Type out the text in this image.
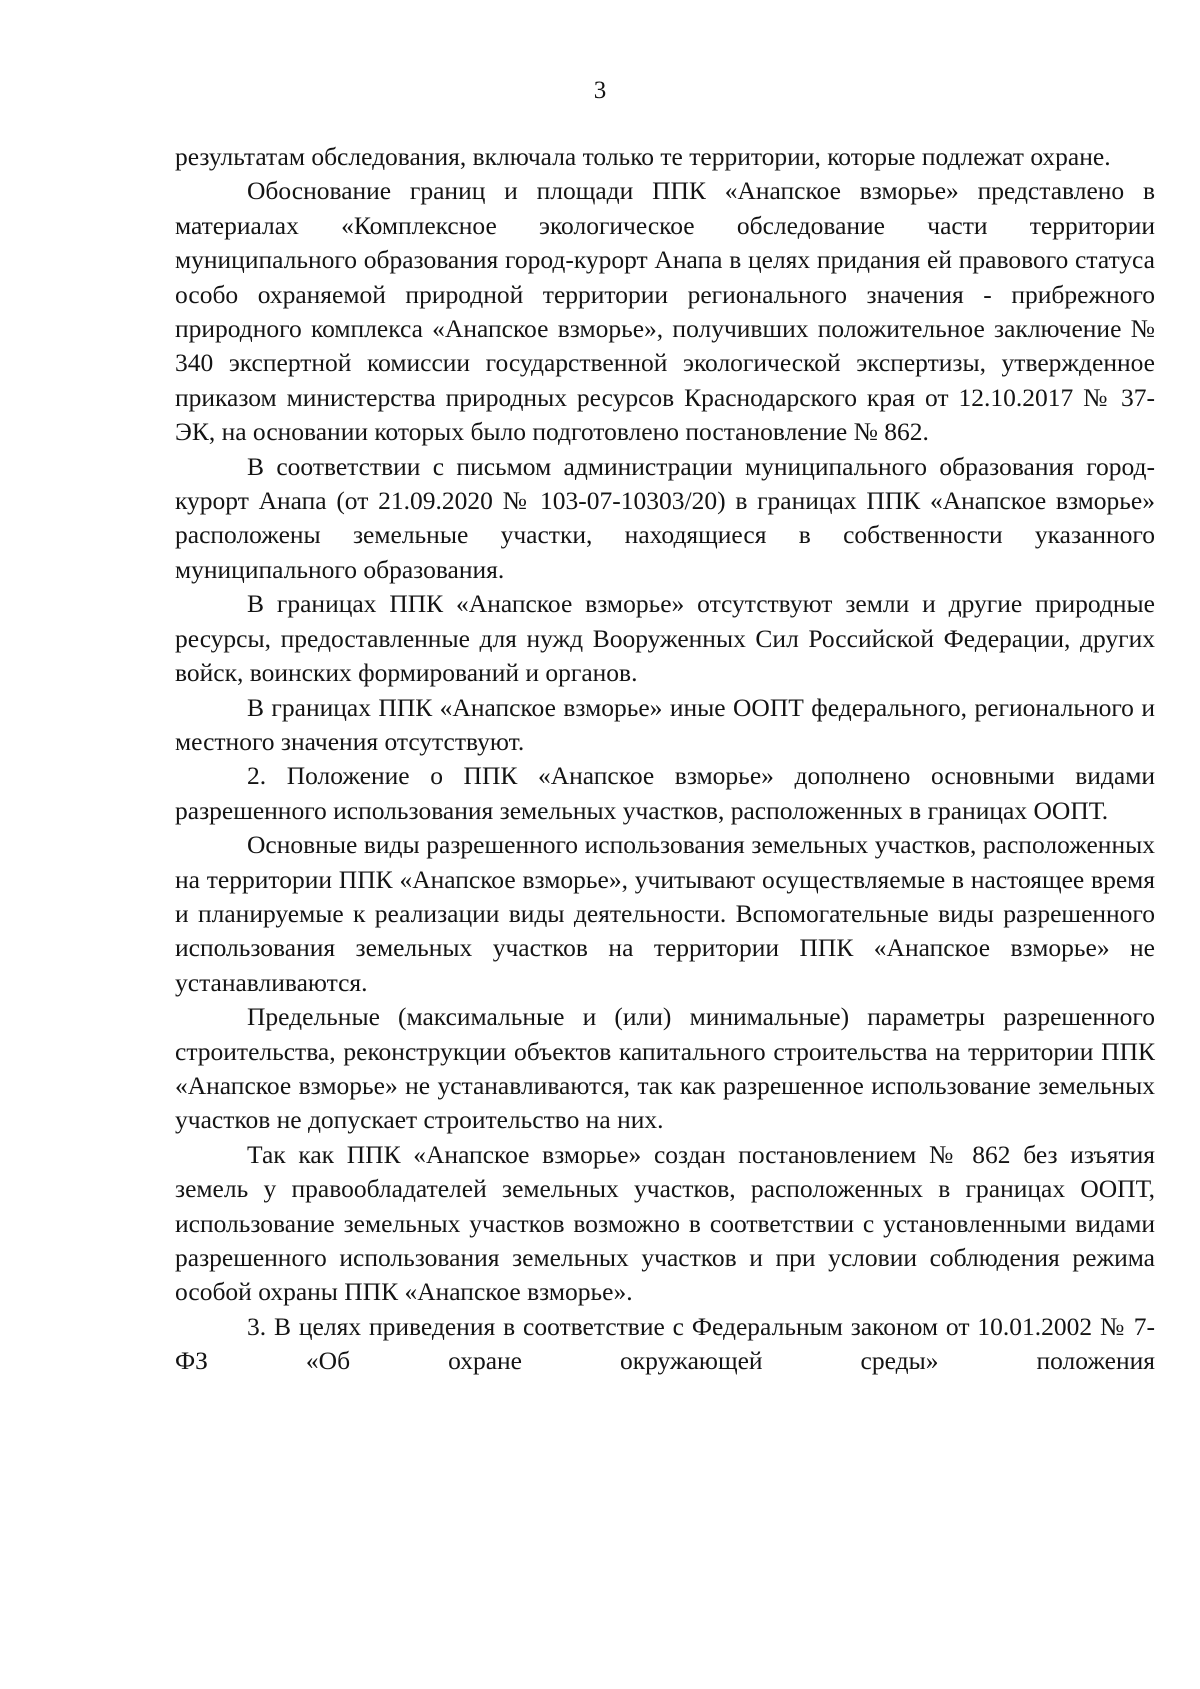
3

результатам обследования, включала только те территории, которые подлежат охране.

Обоснование границ и площади ППК «Анапское взморье» представлено в материалах «Комплексное экологическое обследование части территории муниципального образования город-курорт Анапа в целях придания ей правового статуса особо охраняемой природной территории регионального значения - прибрежного природного комплекса «Анапское взморье», получивших положительное заключение № 340 экспертной комиссии государственной экологической экспертизы, утвержденное приказом министерства природных ресурсов Краснодарского края от 12.10.2017 № 37-ЭК, на основании которых было подготовлено постановление № 862.

В соответствии с письмом администрации муниципального образования город-курорт Анапа (от 21.09.2020 № 103-07-10303/20) в границах ППК «Анапское взморье» расположены земельные участки, находящиеся в собственности указанного муниципального образования.

В границах ППК «Анапское взморье» отсутствуют земли и другие природные ресурсы, предоставленные для нужд Вооруженных Сил Российской Федерации, других войск, воинских формирований и органов.

В границах ППК «Анапское взморье» иные ООПТ федерального, регионального и местного значения отсутствуют.

2. Положение о ППК «Анапское взморье» дополнено основными видами разрешенного использования земельных участков, расположенных в границах ООПТ.

Основные виды разрешенного использования земельных участков, расположенных на территории ППК «Анапское взморье», учитывают осуществляемые в настоящее время и планируемые к реализации виды деятельности. Вспомогательные виды разрешенного использования земельных участков на территории ППК «Анапское взморье» не устанавливаются.

Предельные (максимальные и (или) минимальные) параметры разрешенного строительства, реконструкции объектов капитального строительства на территории ППК «Анапское взморье» не устанавливаются, так как разрешенное использование земельных участков не допускает строительство на них.

Так как ППК «Анапское взморье» создан постановлением № 862 без изъятия земель у правообладателей земельных участков, расположенных в границах ООПТ, использование земельных участков возможно в соответствии с установленными видами разрешенного использования земельных участков и при условии соблюдения режима особой охраны ППК «Анапское взморье».

3. В целях приведения в соответствие с Федеральным законом от 10.01.2002 № 7-ФЗ «Об охране окружающей среды» положения
